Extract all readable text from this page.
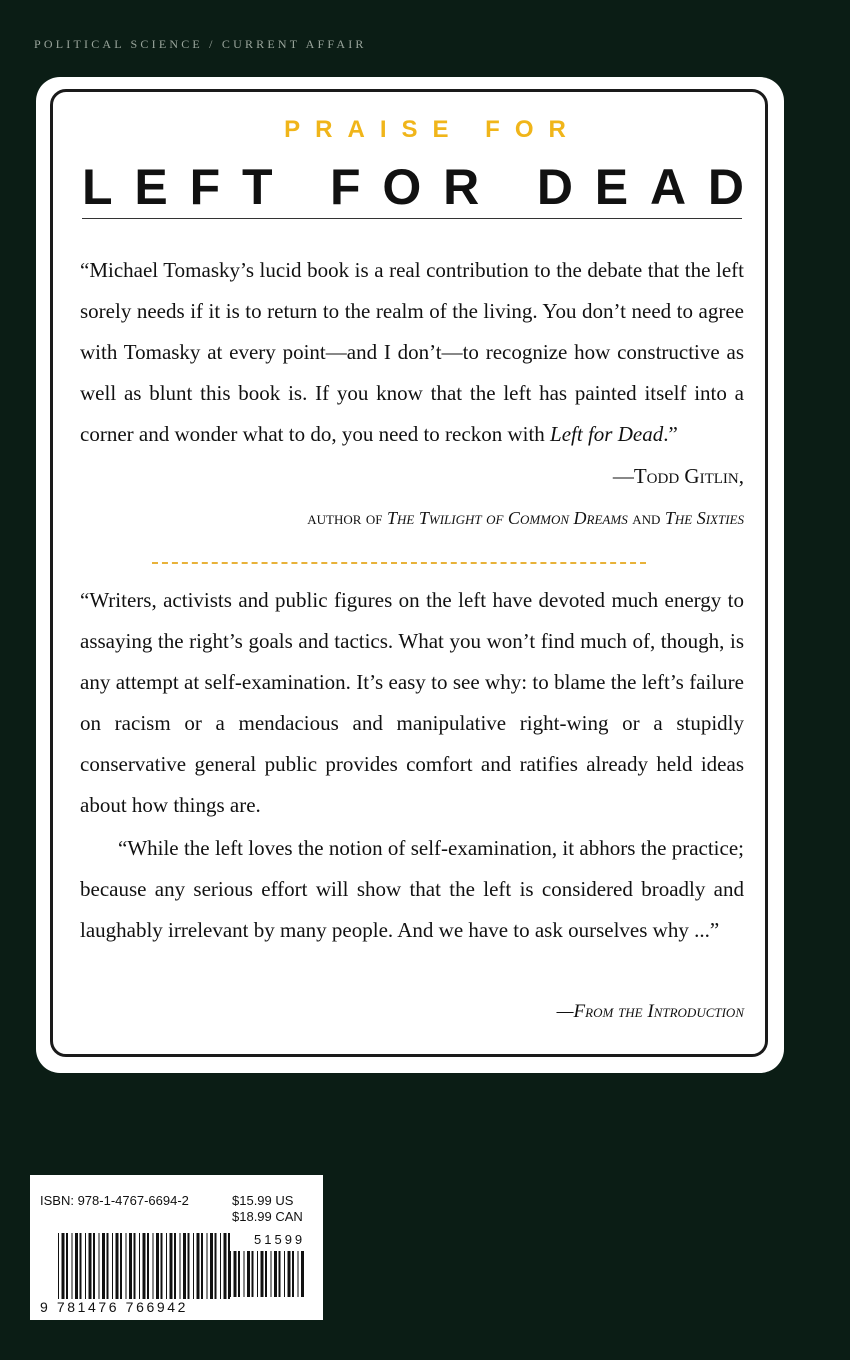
POLITICAL SCIENCE / CURRENT AFFAIR
PRAISE FOR
L E F T
F O R
D E A D
“Michael Tomasky’s lucid book is a real contribution to the debate that the left sorely needs if it is to return to the realm of the living. You don’t need to agree with Tomasky at every point—and I don’t—to recognize how constructive as well as blunt this book is. If you know that the left has painted itself into a corner and wonder what to do, you need to reckon with Left for Dead.”
—Todd Gitlin,
author of The Twilight of Common Dreams and The Sixties
“Writers, activists and public figures on the left have devoted much energy to assaying the right’s goals and tactics. What you won’t find much of, though, is any attempt at self-examination. It’s easy to see why: to blame the left’s failure on racism or a mendacious and manipulative right-wing or a stupidly conservative general public provides comfort and ratifies already held ideas about how things are.
“While the left loves the notion of self-examination, it abhors the practice; because any serious effort will show that the left is considered broadly and laughably irrelevant by many people. And we have to ask ourselves why ...”
—From the Introduction
ISBN: 978-1-4767-6694-2	$15.99 US
$18.99 CAN
51599
9 781476 766942
